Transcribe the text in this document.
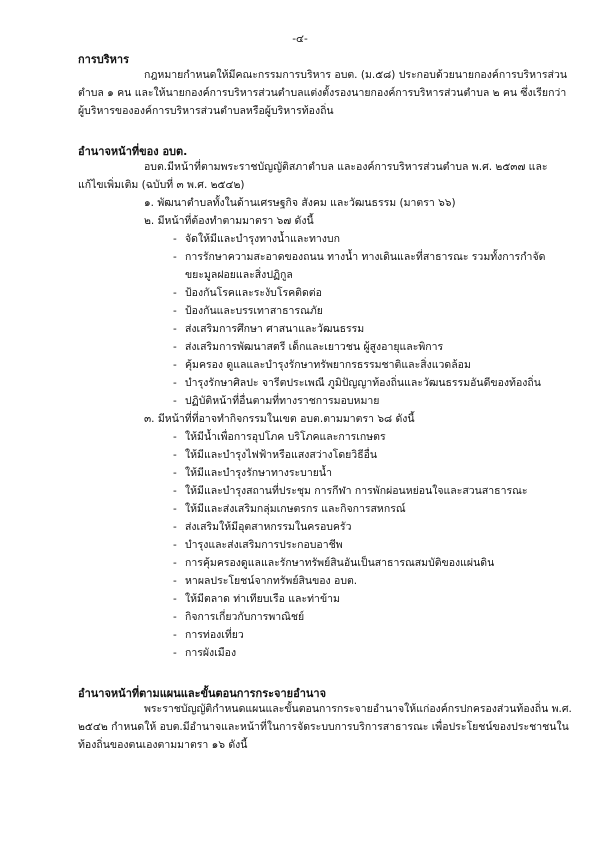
-๔-
การบริหาร
กฎหมายกำหนดให้มีคณะกรรมการบริหาร อบต. (ม.๕๘) ประกอบด้วยนายกองค์การบริหารส่วน
ตำบล ๑ คน และให้นายกองค์การบริหารส่วนตำบลแต่งตั้งรองนายกองค์การบริหารส่วนตำบล ๒ คน ซึ่งเรียกว่า
ผู้บริหารขององค์การบริหารส่วนตำบลหรือผู้บริหารท้องถิ่น
อำนาจหน้าที่ของ อบต.
อบต.มีหน้าที่ตามพระราชบัญญัติสภาตำบล และองค์การบริหารส่วนตำบล พ.ศ. ๒๕๓๗ และ
แก้ไขเพิ่มเติม (ฉบับที่ ๓ พ.ศ. ๒๕๔๒)
๑. พัฒนาตำบลทั้งในด้านเศรษฐกิจ สังคม และวัฒนธรรม (มาตรา ๖๖)
๒. มีหน้าที่ต้องทำตามมาตรา ๖๗ ดังนี้
- จัดให้มีและบำรุงทางน้ำและทางบก
- การรักษาความสะอาดของถนน ทางน้ำ ทางเดินและที่สาธารณะ รวมทั้งการกำจัด
ขยะมูลฝอยและสิ่งปฏิกูล
- ป้องกันโรคและระงับโรคติดต่อ
- ป้องกันและบรรเทาสาธารณภัย
- ส่งเสริมการศึกษา ศาสนาและวัฒนธรรม
- ส่งเสริมการพัฒนาสตรี เด็กและเยาวชน ผู้สูงอายุและพิการ
- คุ้มครอง ดูแลและบำรุงรักษาทรัพยากรธรรมชาติและสิ่งแวดล้อม
- บำรุงรักษาศิลปะ จารีตประเพณี ภูมิปัญญาท้องถิ่นและวัฒนธรรมอันดีของท้องถิ่น
- ปฏิบัติหน้าที่อื่นตามที่ทางราชการมอบหมาย
๓. มีหน้าที่ที่อาจทำกิจกรรมในเขต อบต.ตามมาตรา ๖๘ ดังนี้
- ให้มีน้ำเพื่อการอุปโภค บริโภคและการเกษตร
- ให้มีและบำรุงไฟฟ้าหรือแสงสว่างโดยวิธีอื่น
- ให้มีและบำรุงรักษาทางระบายน้ำ
- ให้มีและบำรุงสถานที่ประชุม การกีฬา การพักผ่อนหย่อนใจและสวนสาธารณะ
- ให้มีและส่งเสริมกลุ่มเกษตรกร และกิจการสหกรณ์
- ส่งเสริมให้มีอุตสาหกรรมในครอบครัว
- บำรุงและส่งเสริมการประกอบอาชีพ
- การคุ้มครองดูแลและรักษาทรัพย์สินอันเป็นสาธารณสมบัติของแผ่นดิน
- หาผลประโยชน์จากทรัพย์สินของ อบต.
- ให้มีตลาด ท่าเทียบเรือ และท่าข้าม
- กิจการเกี่ยวกับการพาณิชย์
- การท่องเที่ยว
- การผังเมือง
อำนาจหน้าที่ตามแผนและขั้นตอนการกระจายอำนาจ
พระราชบัญญัติกำหนดแผนและขั้นตอนการกระจายอำนาจให้แก่องค์กรปกครองส่วนท้องถิ่น พ.ศ.
๒๕๔๒ กำหนดให้ อบต.มีอำนาจและหน้าที่ในการจัดระบบการบริการสาธารณะ เพื่อประโยชน์ของประชาชนใน
ท้องถิ่นของตนเองตามมาตรา ๑๖ ดังนี้
